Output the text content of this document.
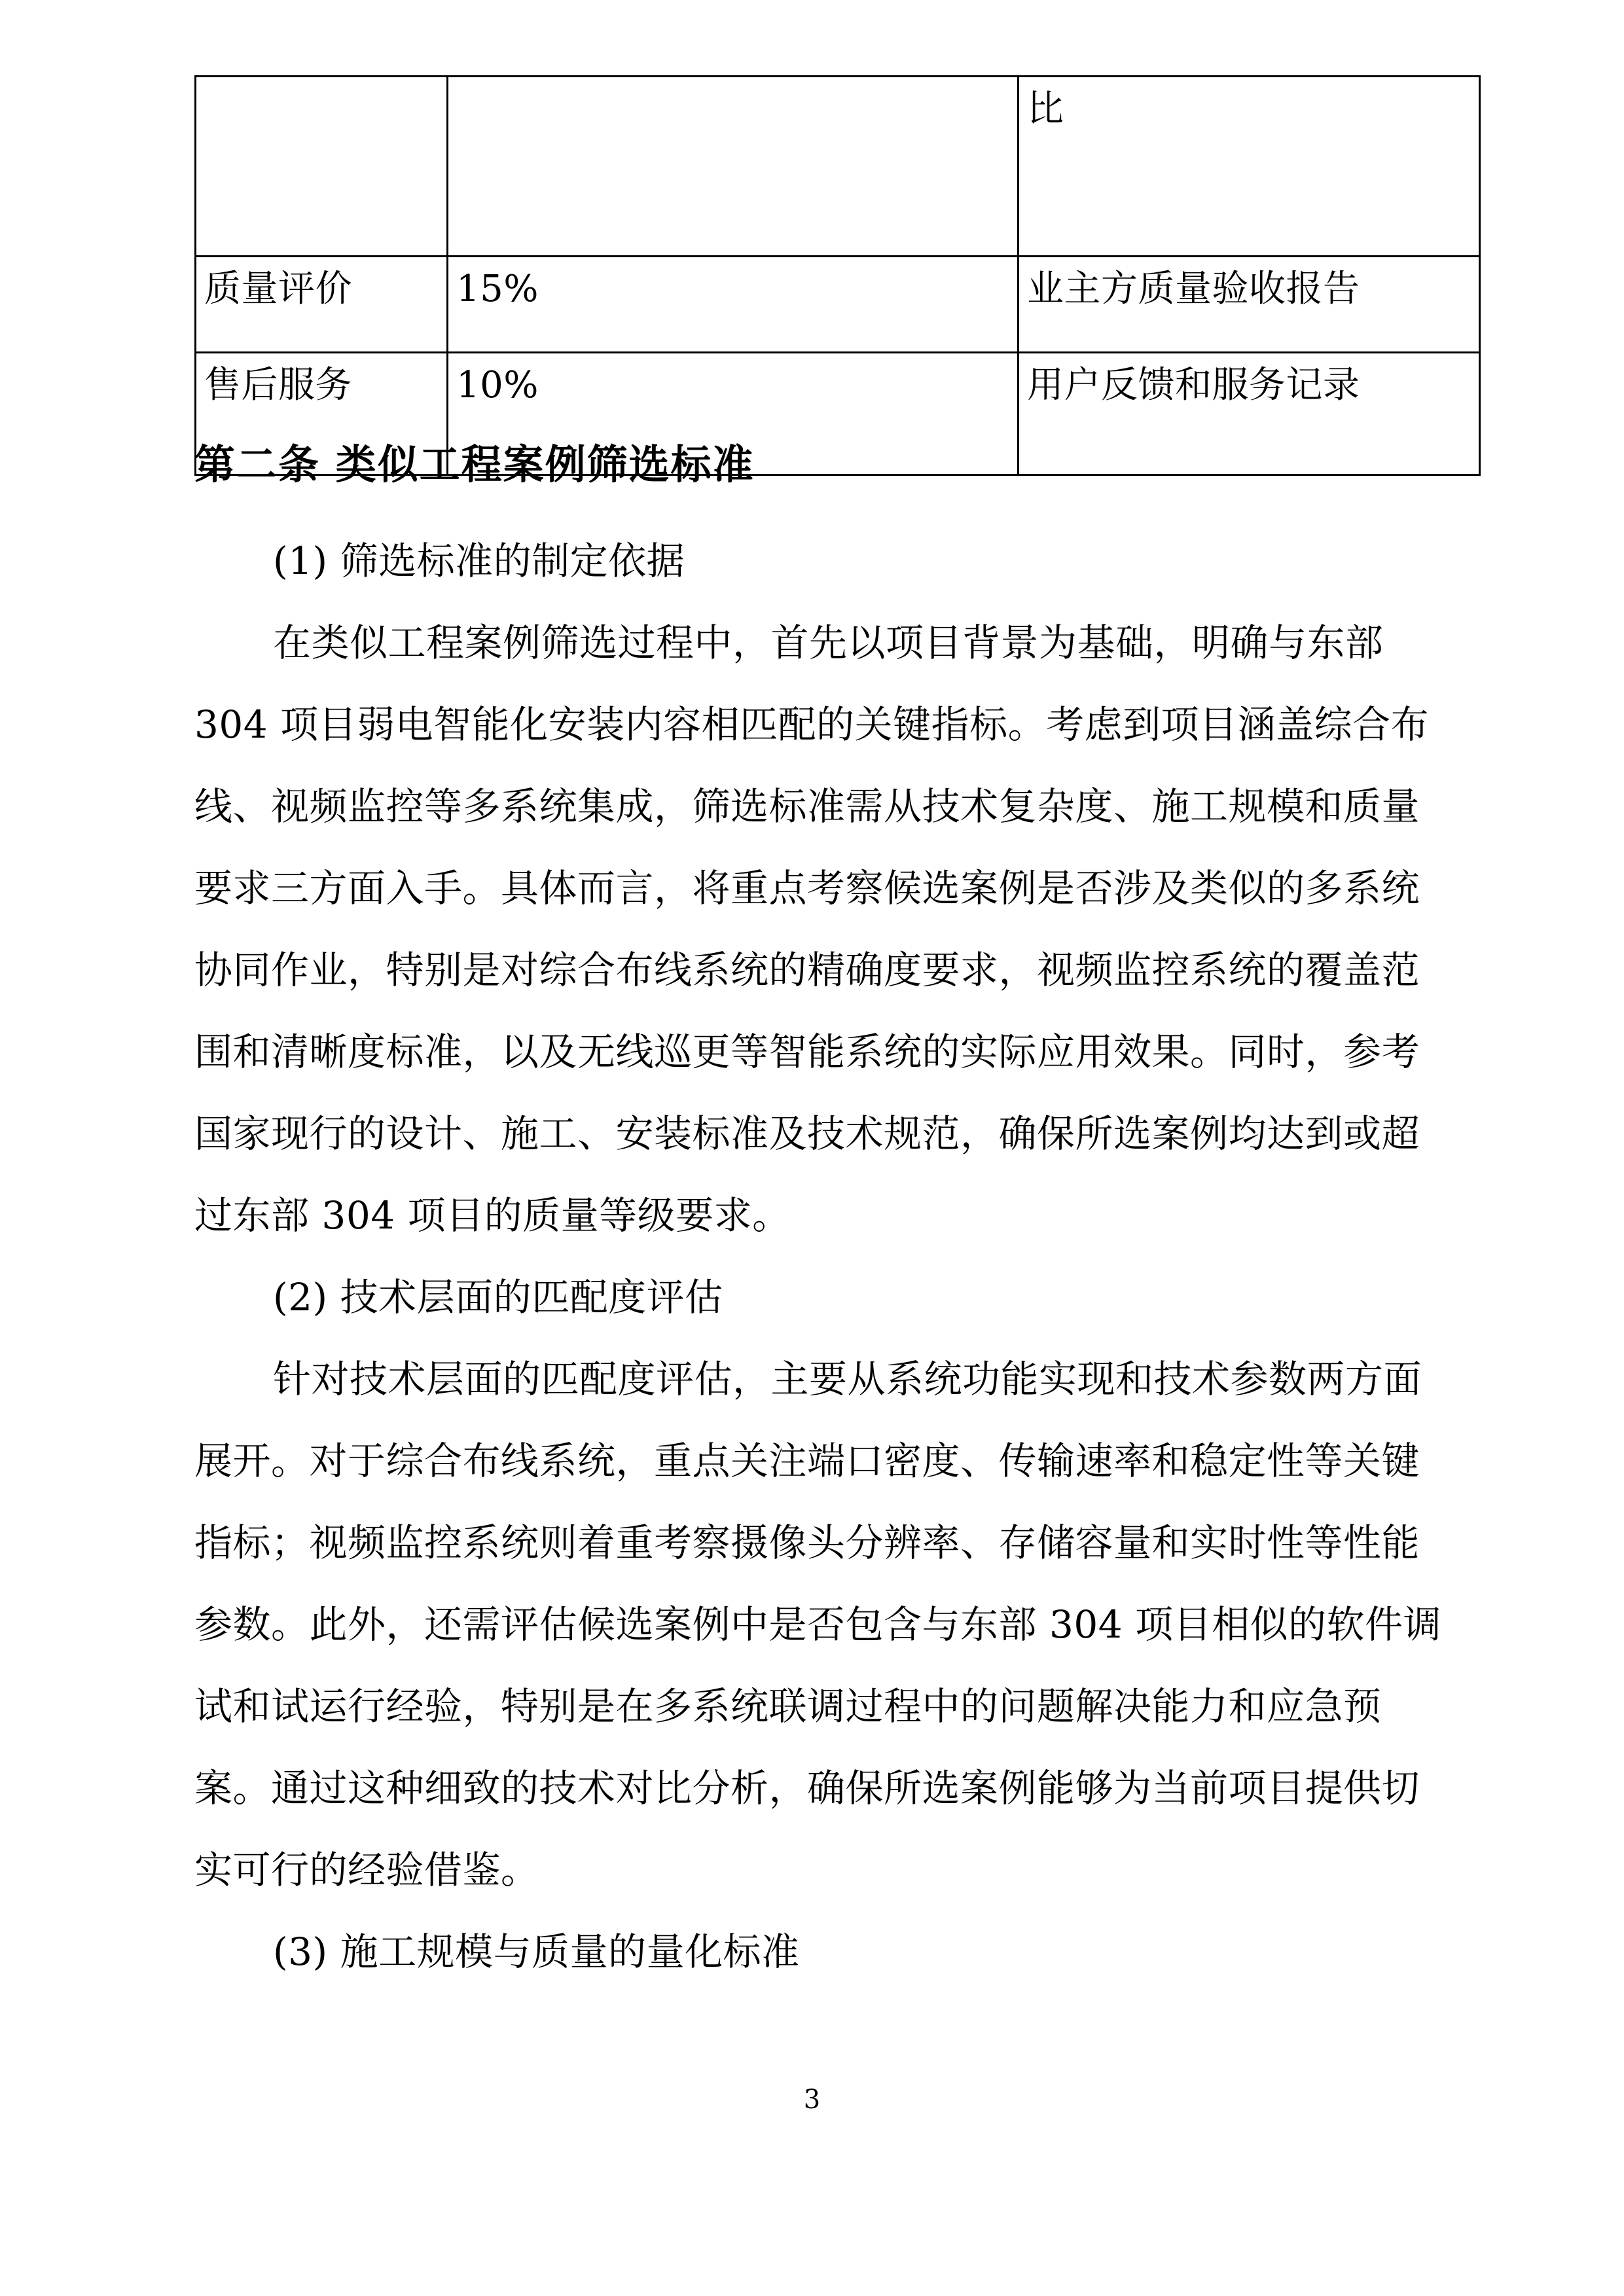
		比
质量评价	15%	业主方质量验收报告
售后服务	10%	用户反馈和服务记录
第二条 类似工程案例筛选标准
(1) 筛选标准的制定依据
在类似工程案例筛选过程中，首先以项目背景为基础，明确与东部
304 项目弱电智能化安装内容相匹配的关键指标。考虑到项目涵盖综合布
线、视频监控等多系统集成，筛选标准需从技术复杂度、施工规模和质量
要求三方面入手。具体而言，将重点考察候选案例是否涉及类似的多系统
协同作业，特别是对综合布线系统的精确度要求，视频监控系统的覆盖范
围和清晰度标准，以及无线巡更等智能系统的实际应用效果。同时，参考
国家现行的设计、施工、安装标准及技术规范，确保所选案例均达到或超
过东部 304 项目的质量等级要求。
(2) 技术层面的匹配度评估
针对技术层面的匹配度评估，主要从系统功能实现和技术参数两方面
展开。对于综合布线系统，重点关注端口密度、传输速率和稳定性等关键
指标；视频监控系统则着重考察摄像头分辨率、存储容量和实时性等性能
参数。此外，还需评估候选案例中是否包含与东部 304 项目相似的软件调
试和试运行经验，特别是在多系统联调过程中的问题解决能力和应急预
案。通过这种细致的技术对比分析，确保所选案例能够为当前项目提供切
实可行的经验借鉴。
(3) 施工规模与质量的量化标准
3
